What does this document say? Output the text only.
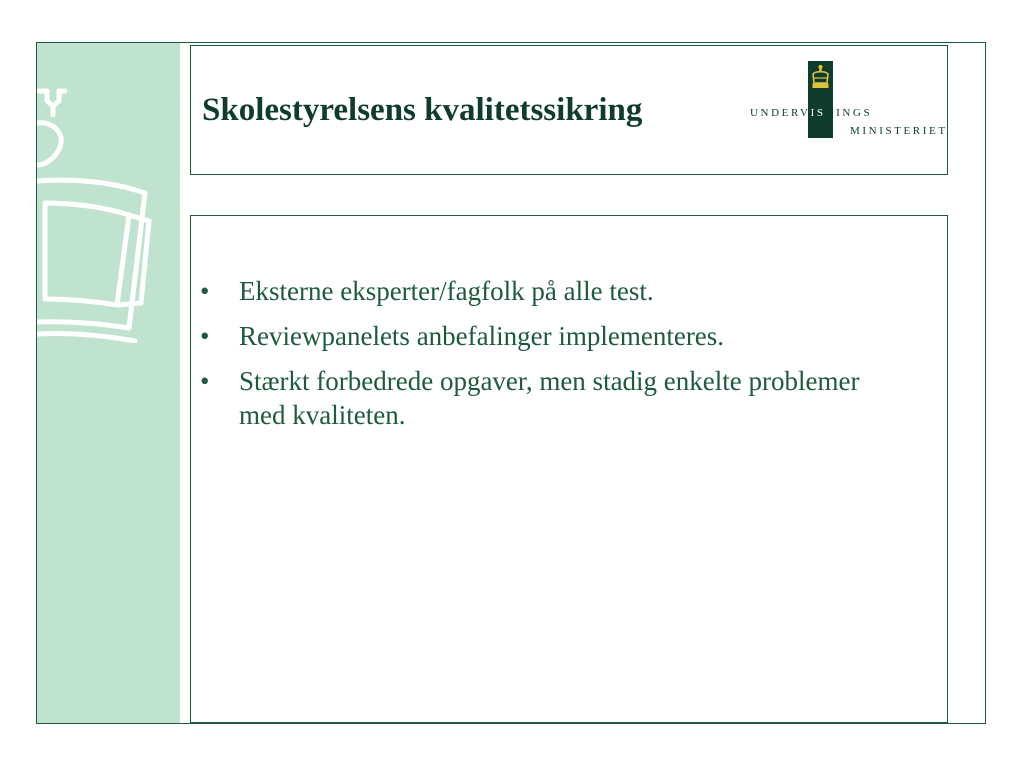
Skolestyrelsens kvalitetssikring	UNDERVISNINGS
MINISTERIET
• Eksterne eksperter/fagfolk på alle test.
• Reviewpanelets anbefalinger implementeres.
• Stærkt forbedrede opgaver, men stadig enkelte problemer med kvaliteten.
